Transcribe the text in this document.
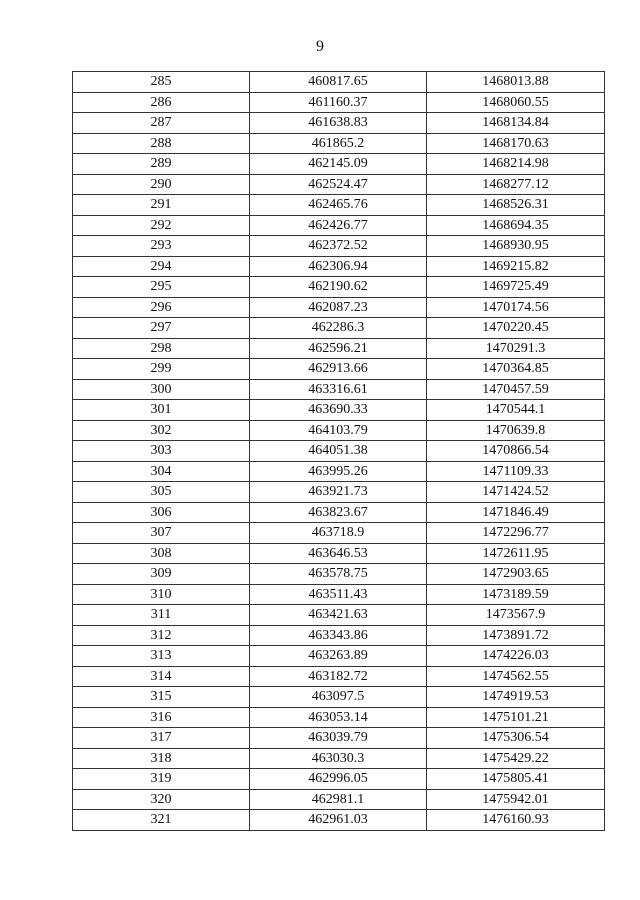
9
285	460817.65	1468013.88
286	461160.37	1468060.55
287	461638.83	1468134.84
288	461865.2	1468170.63
289	462145.09	1468214.98
290	462524.47	1468277.12
291	462465.76	1468526.31
292	462426.77	1468694.35
293	462372.52	1468930.95
294	462306.94	1469215.82
295	462190.62	1469725.49
296	462087.23	1470174.56
297	462286.3	1470220.45
298	462596.21	1470291.3
299	462913.66	1470364.85
300	463316.61	1470457.59
301	463690.33	1470544.1
302	464103.79	1470639.8
303	464051.38	1470866.54
304	463995.26	1471109.33
305	463921.73	1471424.52
306	463823.67	1471846.49
307	463718.9	1472296.77
308	463646.53	1472611.95
309	463578.75	1472903.65
310	463511.43	1473189.59
311	463421.63	1473567.9
312	463343.86	1473891.72
313	463263.89	1474226.03
314	463182.72	1474562.55
315	463097.5	1474919.53
316	463053.14	1475101.21
317	463039.79	1475306.54
318	463030.3	1475429.22
319	462996.05	1475805.41
320	462981.1	1475942.01
321	462961.03	1476160.93
